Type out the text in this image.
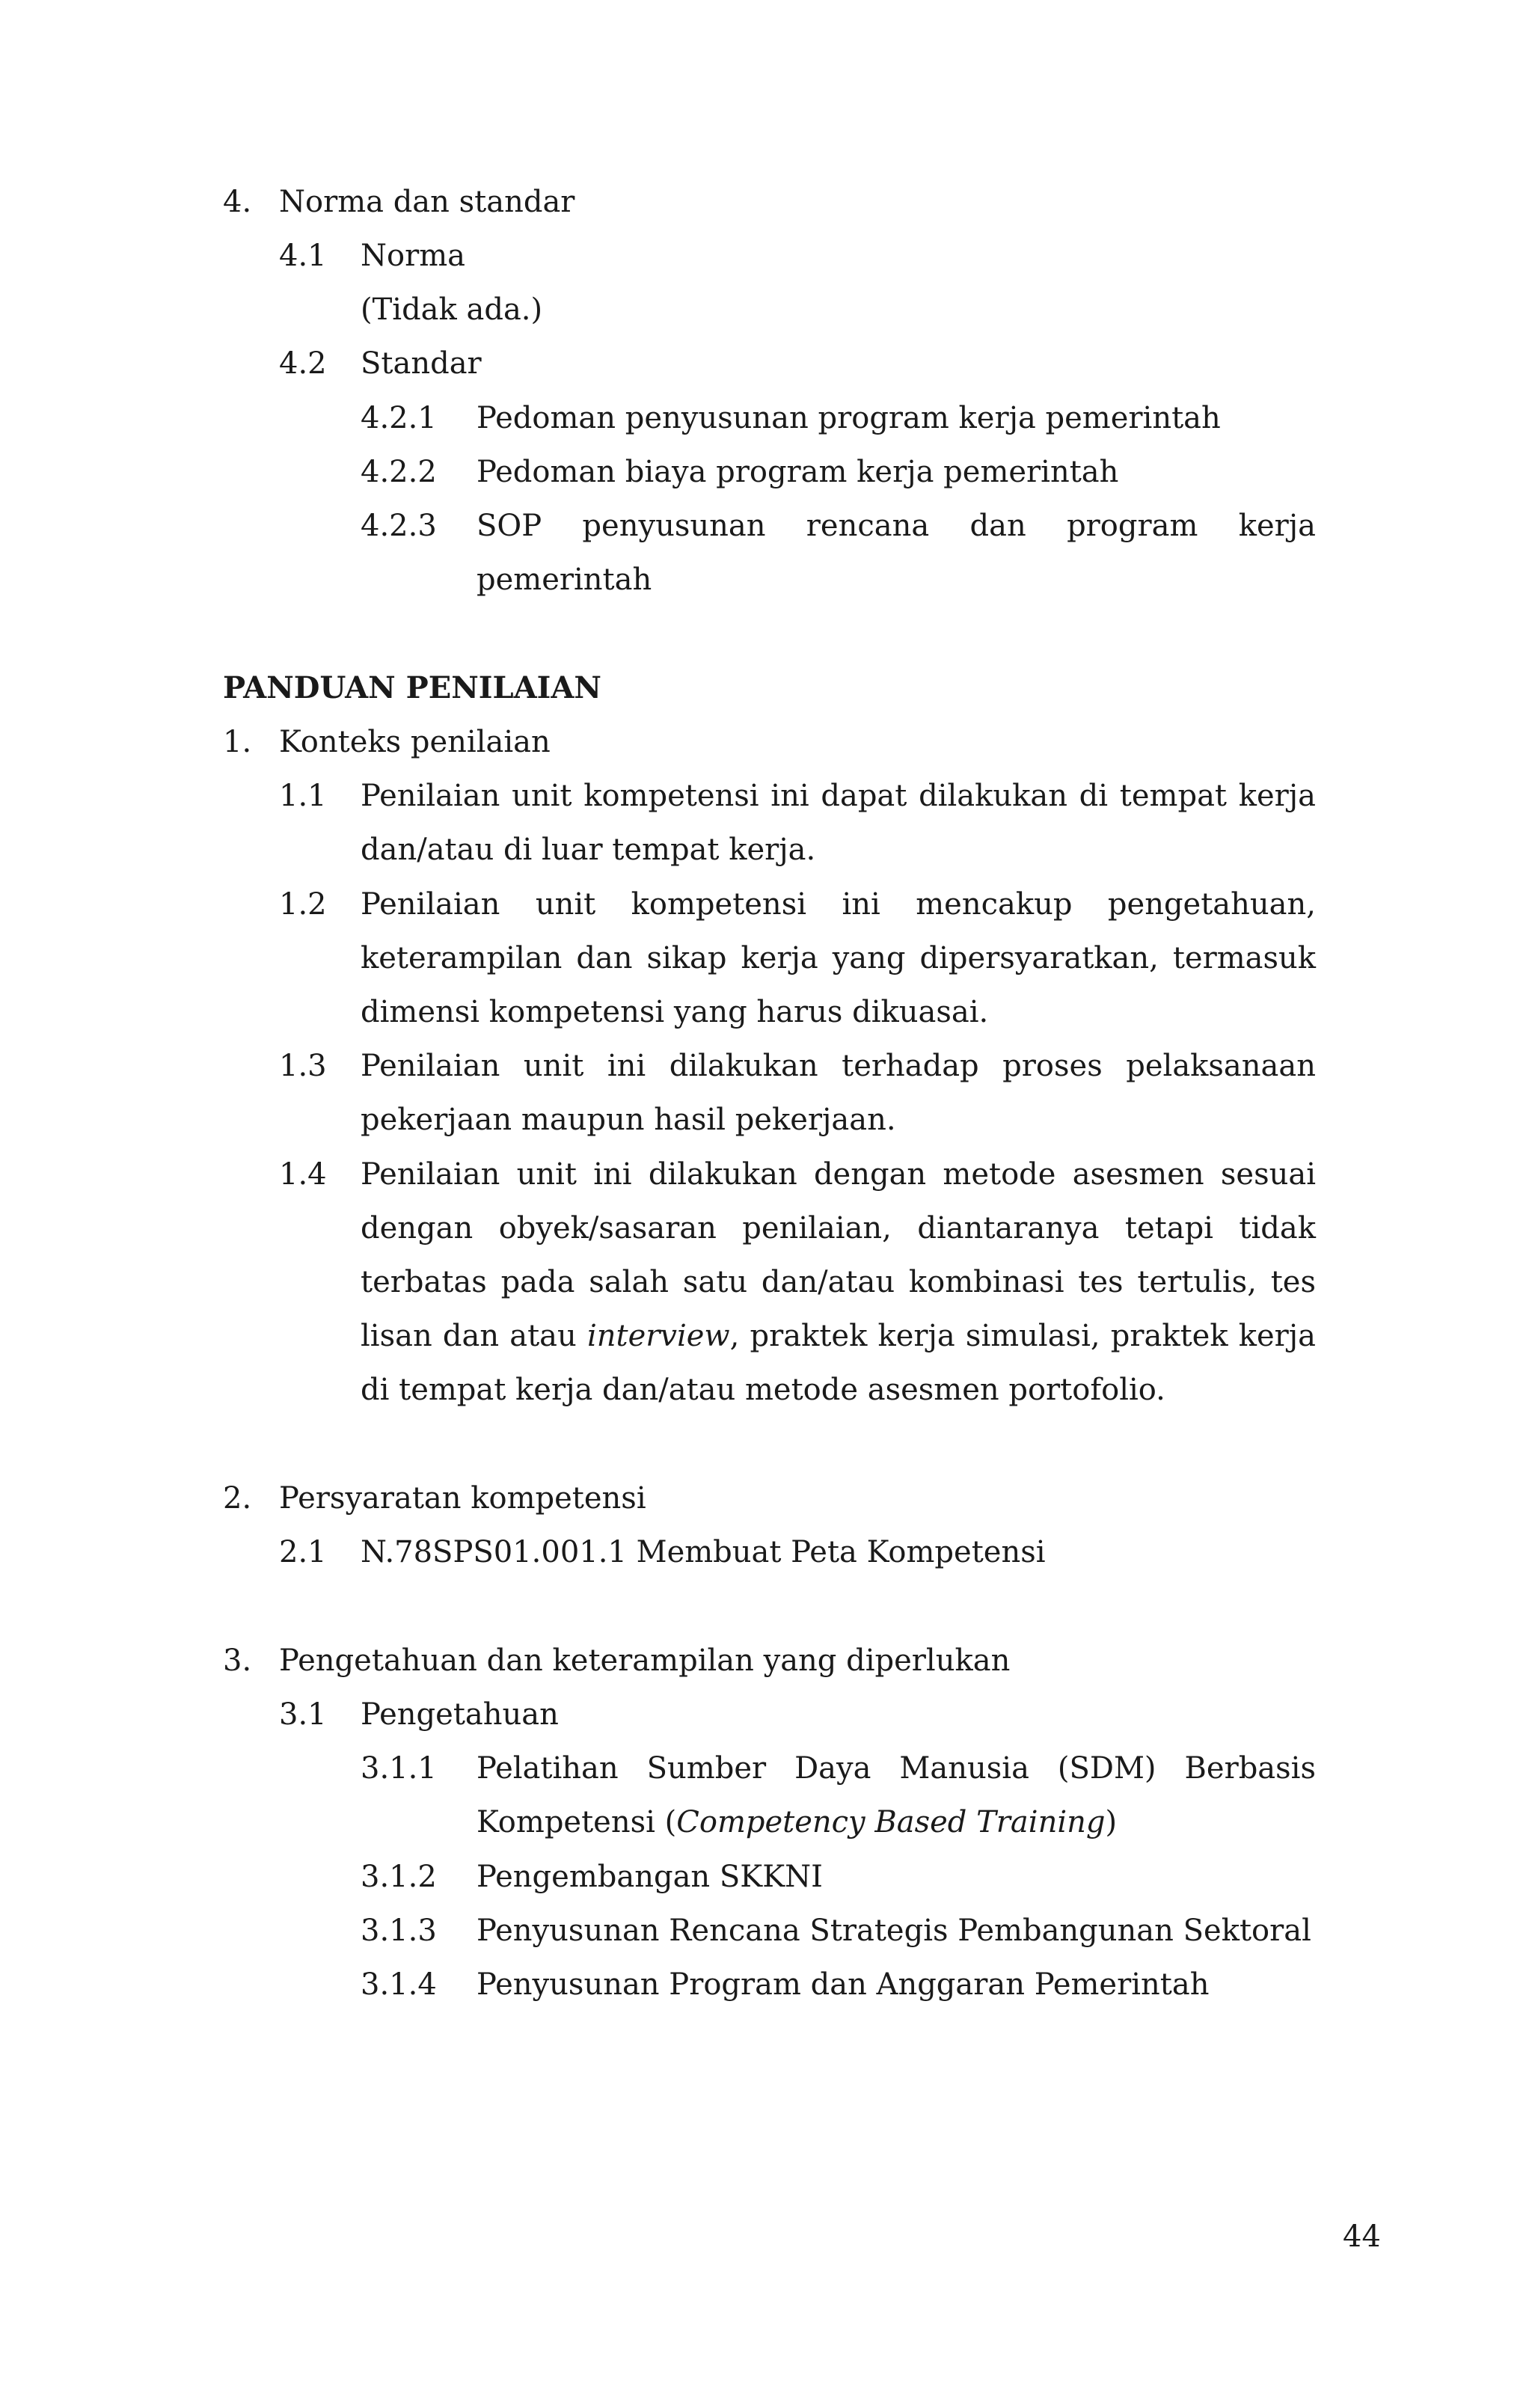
4. Norma dan standar
4.1 Norma
(Tidak ada.)
4.2 Standar
4.2.1 Pedoman penyusunan program kerja pemerintah
4.2.2 Pedoman biaya program kerja pemerintah
4.2.3 SOP penyusunan rencana dan program kerja
pemerintah
PANDUAN PENILAIAN
1. Konteks penilaian
1.1 Penilaian unit kompetensi ini dapat dilakukan di tempat kerja
dan/atau di luar tempat kerja.
1.2 Penilaian unit kompetensi ini mencakup pengetahuan,
keterampilan dan sikap kerja yang dipersyaratkan, termasuk
dimensi kompetensi yang harus dikuasai.
1.3 Penilaian unit ini dilakukan terhadap proses pelaksanaan
pekerjaan maupun hasil pekerjaan.
1.4 Penilaian unit ini dilakukan dengan metode asesmen sesuai
dengan obyek/sasaran penilaian, diantaranya tetapi tidak
terbatas pada salah satu dan/atau kombinasi tes tertulis, tes
lisan dan atau interview, praktek kerja simulasi, praktek kerja
di tempat kerja dan/atau metode asesmen portofolio.
2. Persyaratan kompetensi
2.1 N.78SPS01.001.1 Membuat Peta Kompetensi
3. Pengetahuan dan keterampilan yang diperlukan
3.1 Pengetahuan
3.1.1 Pelatihan Sumber Daya Manusia (SDM) Berbasis
Kompetensi (Competency Based Training)
3.1.2 Pengembangan SKKNI
3.1.3 Penyusunan Rencana Strategis Pembangunan Sektoral
3.1.4 Penyusunan Program dan Anggaran Pemerintah
44
